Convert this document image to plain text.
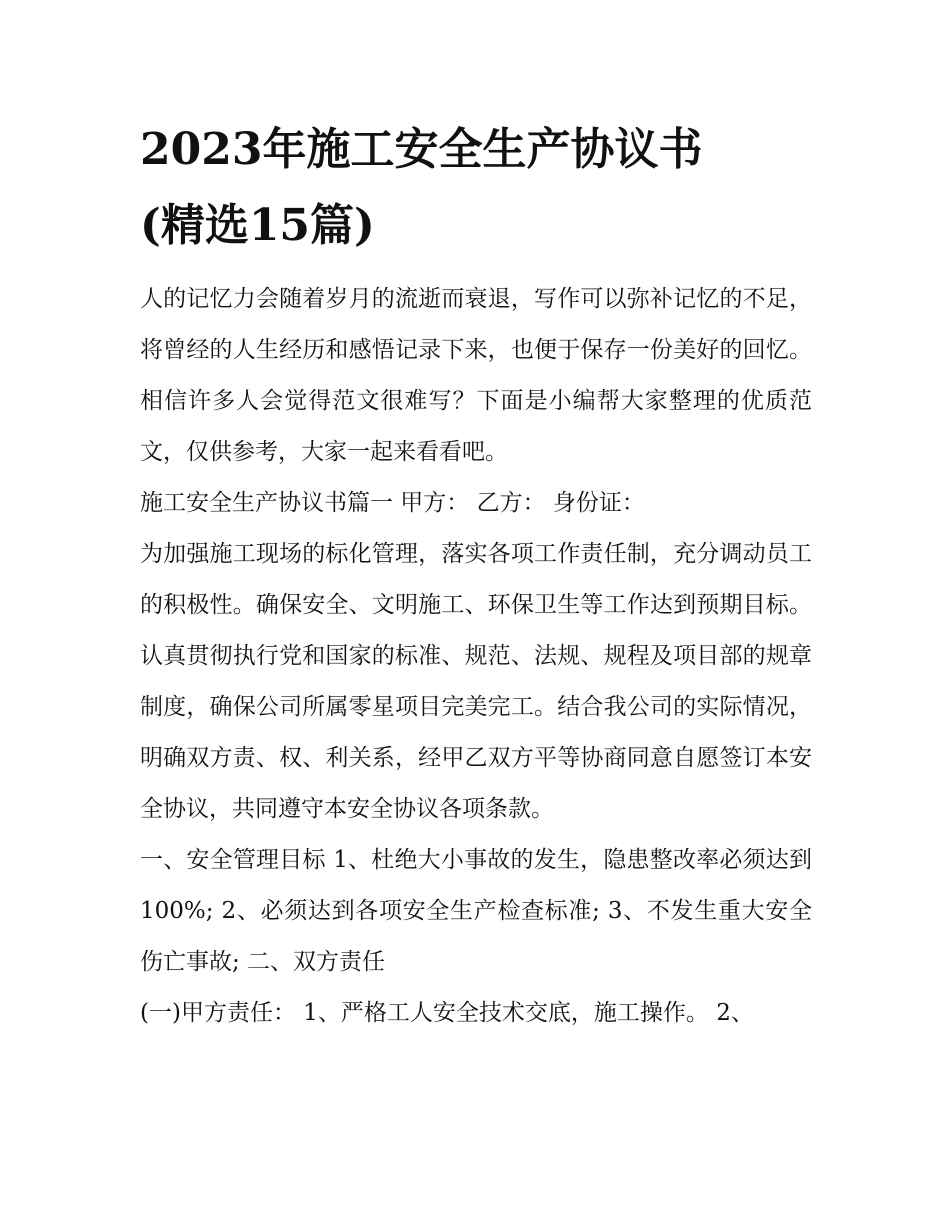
2023年施工安全生产协议书
(精选15篇)

人的记忆力会随着岁月的流逝而衰退，写作可以弥补记忆的不足，将曾经的人生经历和感悟记录下来，也便于保存一份美好的回忆。相信许多人会觉得范文很难写？下面是小编帮大家整理的优质范文，仅供参考，大家一起来看看吧。

施工安全生产协议书篇一 甲方： 乙方： 身份证：

为加强施工现场的标化管理，落实各项工作责任制，充分调动员工的积极性。确保安全、文明施工、环保卫生等工作达到预期目标。认真贯彻执行党和国家的标准、规范、法规、规程及项目部的规章制度，确保公司所属零星项目完美完工。结合我公司的实际情况，明确双方责、权、利关系，经甲乙双方平等协商同意自愿签订本安全协议，共同遵守本安全协议各项条款。

一、安全管理目标 1、杜绝大小事故的发生，隐患整改率必须达到100%; 2、必须达到各项安全生产检查标准; 3、不发生重大安全伤亡事故; 二、双方责任

(一)甲方责任： 1、严格工人安全技术交底，施工操作。 2、
